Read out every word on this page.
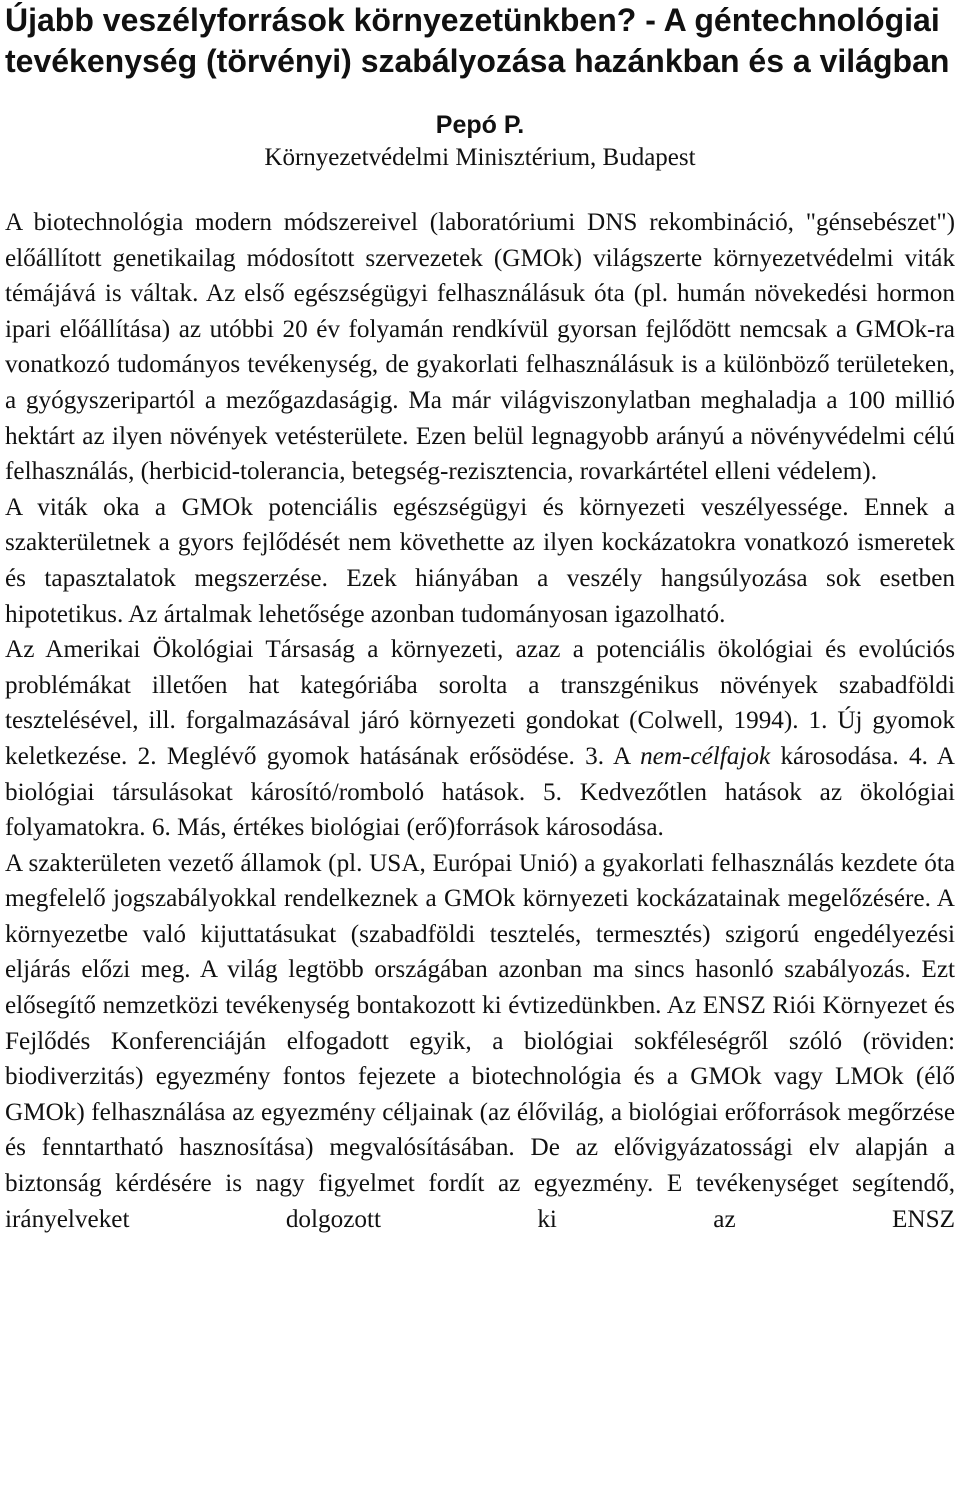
Újabb veszélyforrások környezetünkben? - A géntechnológiai
tevékenység (törvényi) szabályozása hazánkban és a világban

Pepó P.

Környezetvédelmi Minisztérium, Budapest

A biotechnológia modern módszereivel (laboratóriumi DNS rekombináció, "génsebészet") előállított genetikailag módosított szervezetek (GMOk) világszerte környezetvédelmi viták témájává is váltak. Az első egészségügyi felhasználásuk óta (pl. humán növekedési hormon ipari előállítása) az utóbbi 20 év folyamán rendkívül gyorsan fejlődött nemcsak a GMOk-ra vonatkozó tudományos tevékenység, de gyakorlati felhasználásuk is a különböző területeken, a gyógyszeripartól a mezőgazdaságig. Ma már világviszonylatban meghaladja a 100 millió hektárt az ilyen növények vetésterülete. Ezen belül legnagyobb arányú a növényvédelmi célú felhasználás, (herbicid-tolerancia, betegség-rezisztencia, rovarkártétel elleni védelem).

A viták oka a GMOk potenciális egészségügyi és környezeti veszélyessége. Ennek a szakterületnek a gyors fejlődését nem követhette az ilyen kockázatokra vonatkozó ismeretek és tapasztalatok megszerzése. Ezek hiányában a veszély hangsúlyozása sok esetben hipotetikus. Az ártalmak lehetősége azonban tudományosan igazolható.

Az Amerikai Ökológiai Társaság a környezeti, azaz a potenciális ökológiai és evolúciós problémákat illetően hat kategóriába sorolta a transzgénikus növények szabadföldi tesztelésével, ill. forgalmazásával járó környezeti gondokat (Colwell, 1994). 1. Új gyomok keletkezése. 2. Meglévő gyomok hatásának erősödése. 3. A nem-célfajok károsodása. 4. A biológiai társulásokat károsító/romboló hatások. 5. Kedvezőtlen hatások az ökológiai folyamatokra. 6. Más, értékes biológiai (erő)források károsodása.

A szakterületen vezető államok (pl. USA, Európai Unió) a gyakorlati felhasználás kezdete óta megfelelő jogszabályokkal rendelkeznek a GMOk környezeti kockázatainak megelőzésére. A környezetbe való kijuttatásukat (szabadföldi tesztelés, termesztés) szigorú engedélyezési eljárás előzi meg. A világ legtöbb országában azonban ma sincs hasonló szabályozás. Ezt elősegítő nemzetközi tevékenység bontakozott ki évtizedünkben. Az ENSZ Riói Környezet és Fejlődés Konferenciáján elfogadott egyik, a biológiai sokféleségről szóló (röviden: biodiverzitás) egyezmény fontos fejezete a biotechnológia és a GMOk vagy LMOk (élő GMOk) felhasználása az egyezmény céljainak (az élővilág, a biológiai erőforrások megőrzése és fenntartható hasznosítása) megvalósításában. De az elővigyázatossági elv alapján a biztonság kérdésére is nagy figyelmet fordít az egyezmény. E tevékenységet segítendő, irányelveket dolgozott ki az ENSZ
